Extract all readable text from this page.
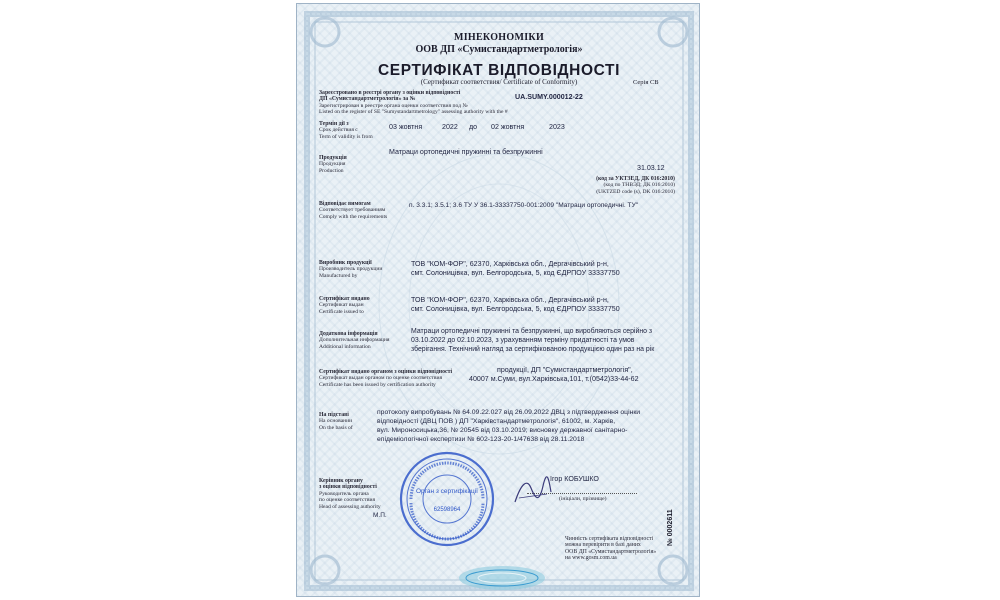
МІНЕКОНОМІКИ
ООВ ДП «Сумистандартметрологія»
СЕРТИФІКАТ ВІДПОВІДНОСТІ
(Сертификат соответствия/ Certificate of Conformity)	Серія СВ
Зареєстровано в реєстрі органу з оцінки відповідності
ДП «Сумистандартметрологія» за №
Зарегистрирован в реестре органа оценки соответствия под №
Listed on the register of SE "Sumystandartmetrology" assessing authority with the #
UA.SUMY.000012-22
Термін дії з
Срок действия с
Term of validity is from
03 жовтня	2022 до 02 жовтня	2023
Продукція
Продукция
Production
Матраци ортопедичні пружинні та безпружинні
31.03.12
(код за УКТЗЕД, ДК 016:2010)
(код по ТНВЭД; ДК 016:2010)
(UKTZED code (s), DK 016:2010)
Відповідає вимогам
Соответствует требованиям
Comply with the requirements
п. 3.3.1; 3.5.1; 3.6 ТУ У 36.1-33337750-001:2009 "Матраци ортопедичні. ТУ"
Виробник продукції
Производитель продукции
Manufactured by
ТОВ "КОМ-ФОР", 62370, Харківська обл., Дергачівський р-н,
смт. Солоницівка, вул. Белгородська, 5, код ЄДРПОУ 33337750
Сертифікат видано
Сертификат выдан
Certificate issued to
ТОВ "КОМ-ФОР", 62370, Харківська обл., Дергачівський р-н,
смт. Солоницівка, вул. Белгородська, 5, код ЄДРПОУ 33337750
Додаткова інформація
Дополнительная информация
Additional information
Матраци ортопедичні пружинні та безпружинні, що виробляються серійно з
03.10.2022 до 02.10.2023, з урахуванням терміну придатності та умов
зберігання. Технічний нагляд за сертифікованою продукцією один раз на рік
Сертифікат видано органом з оцінки відповідності
Сертификат выдан органом по оценке соответствия
Certificate has been issued by certification authority
продукції, ДП "Сумистандартметрологія",
40007 м.Суми, вул.Харківська,101, т.(0542)33-44-62
На підставі
На основании
On the basis of
протоколу випробувань № 64.09.22.027 від 26.09.2022 ДВЦ з підтвердження оцінки
відповідності (ДВЦ ПОВ ) ДП "Харківстандартметрологія", 61002, м. Харків,
вул. Мироносицька,36, № 20545 від 03.10.2019; висновку державної санітарно-
епідеміологічної експертизи № 602-123-20-1/47638 від 28.11.2018
Керівник органу
з оцінки відповідності
Руководитель органа
по оценке соответствия
Head of assessing authority
М.П.
Ігор КОБУШКО
(ініціали, прізвище)
Орган з сертифікації
62598964	№ 0002611
Чинність сертифіката відповідності
можна перевірити в базі даних
ООВ ДП «Сумистандартметрологія»
на www.gosm.com.ua
